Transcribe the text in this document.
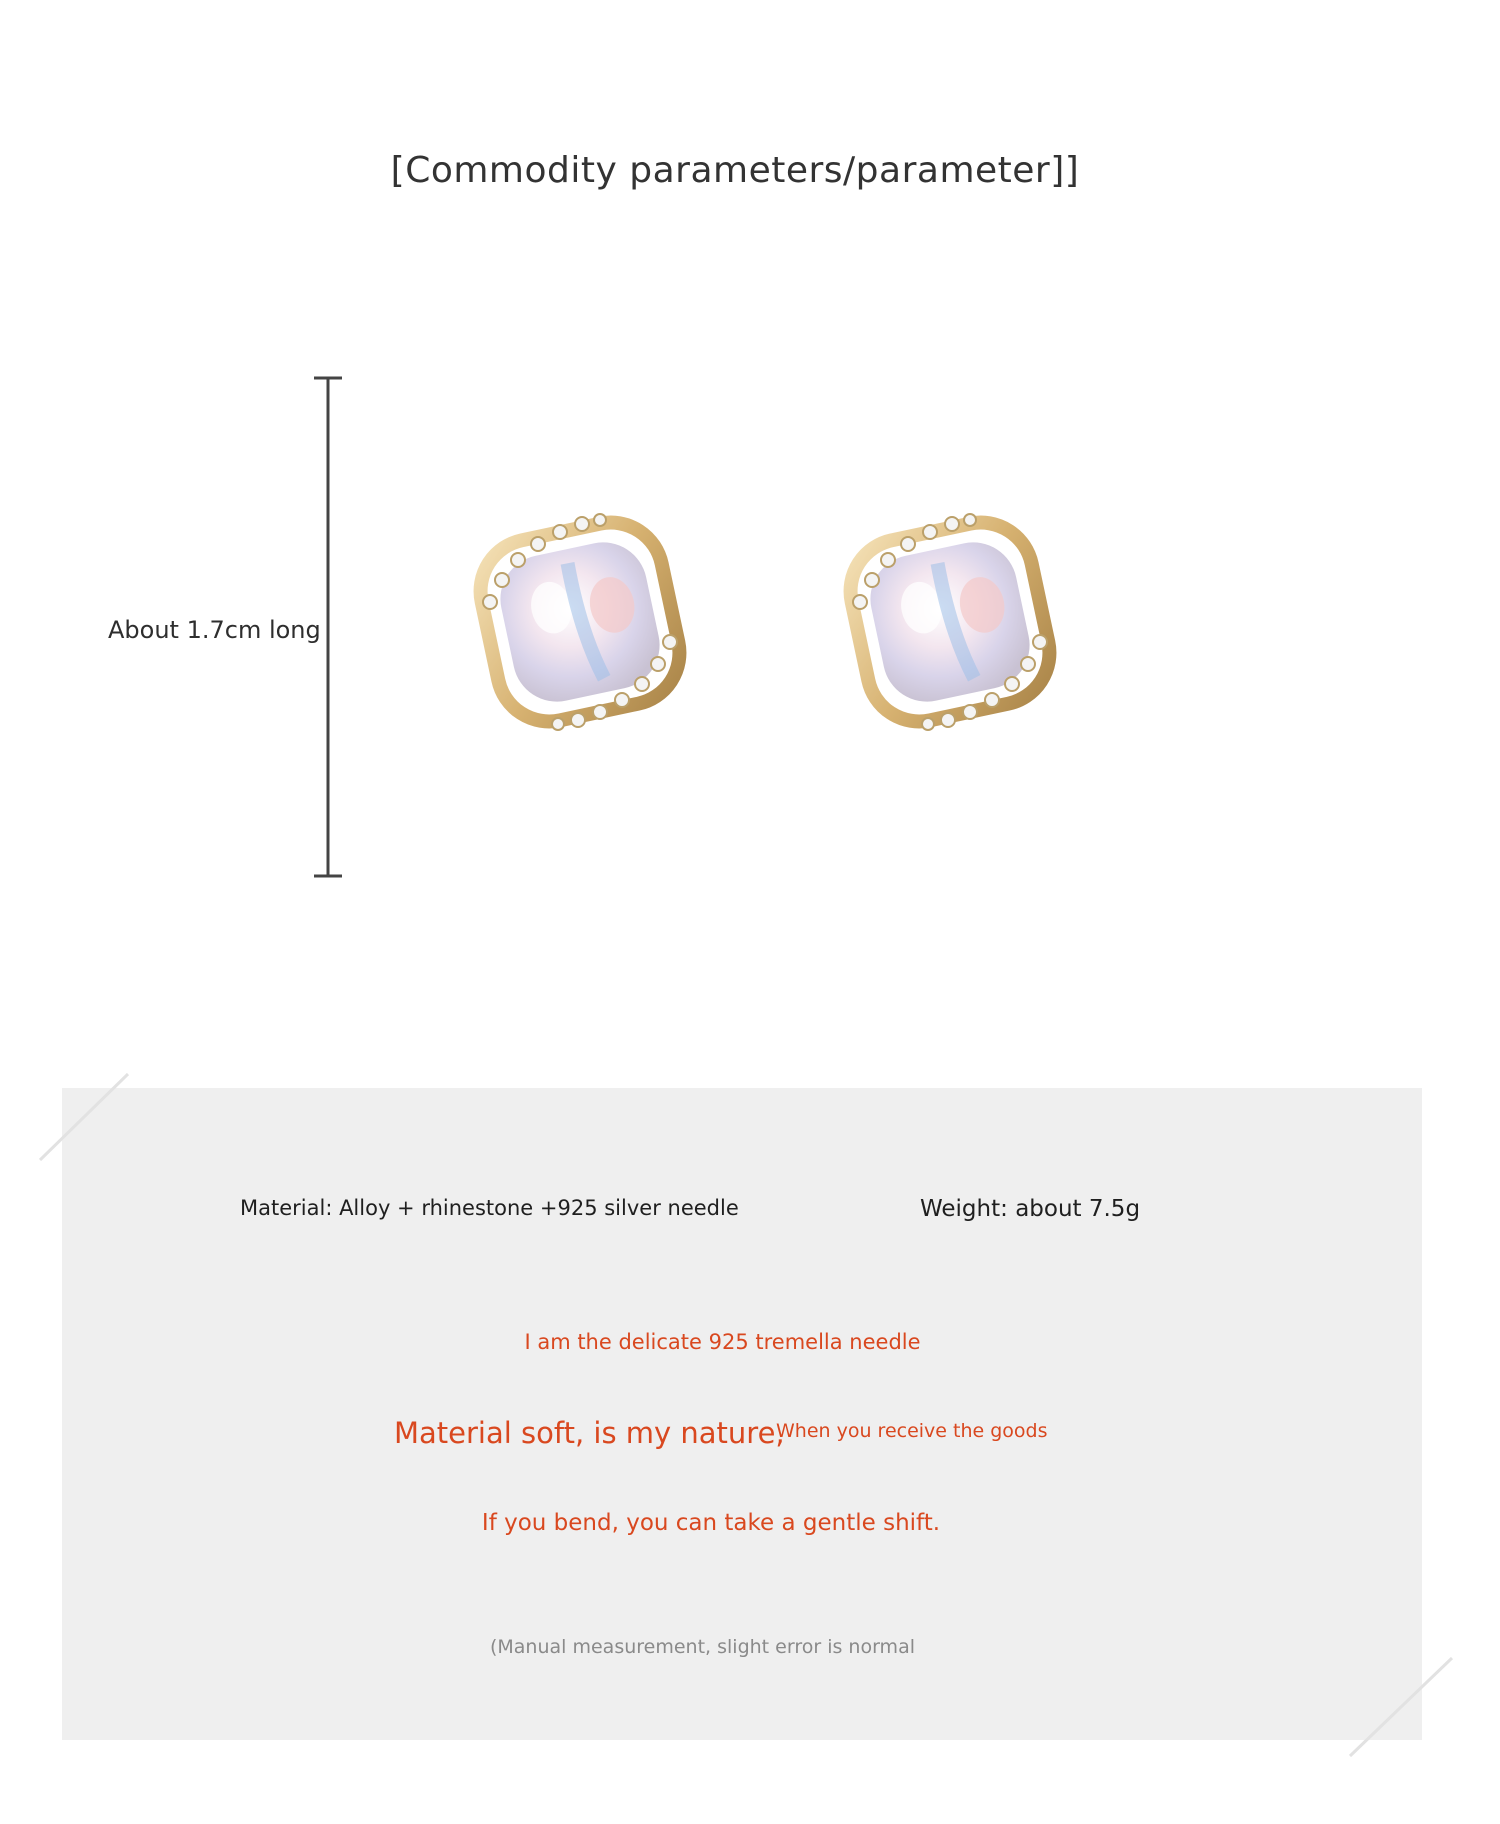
[Commodity parameters/parameter]]
About 1.7cm long
Material: Alloy + rhinestone +925 silver needle	Weight: about 7.5g
I am the delicate 925 tremella needle
Material soft, is my nature,
When you receive the goods
If you bend, you can take a gentle shift.
(Manual measurement, slight error is normal
